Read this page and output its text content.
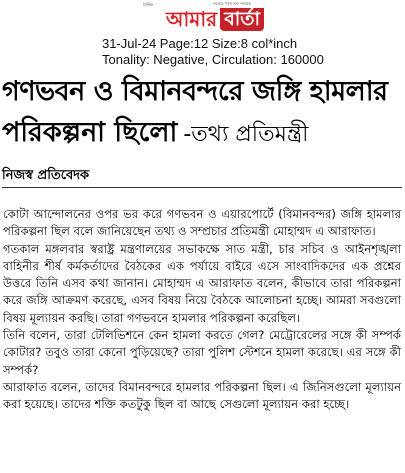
দৈনিক	সত্যের পথে সদা জাগ্রত
আমার বার্তা
31-Jul-24 Page:12 Size:8 col*inch
Tonality: Negative, Circulation: 160000
গণভবন ও বিমানবন্দরে জঙ্গি হামলার
পরিকল্পনা ছিলো -তথ্য প্রতিমন্ত্রী
নিজস্ব প্রতিবেদক

কোটা আন্দোলনের ওপর ভর করে গণভবন ও এয়ারপোর্টে (বিমানবন্দর) জঙ্গি হামলার পরিকল্পনা ছিল বলে জানিয়েছেন তথ্য ও সম্প্রচার প্রতিমন্ত্রী মোহাম্মদ এ আরাফাত।

গতকাল মঙ্গলবার স্বরাষ্ট্র মন্ত্রণালয়ের সভাকক্ষে সাত মন্ত্রী, চার সচিব ও আইনশৃঙ্খলা বাহিনীর শীর্ষ কর্মকর্তাদের বৈঠকের এক পর্যায়ে বাইরে এসে সাংবাদিকদের এক প্রশ্নের উত্তরে তিনি এসব কথা জানান। মোহাম্মদ এ আরাফাত বলেন, কীভাবে তারা পরিকল্পনা করে জঙ্গি আক্রমণ করেছে, এসব বিষয় নিয়ে বৈঠকে আলোচনা হচ্ছে। আমরা সবগুলো বিষয় মূল্যায়ন করছি। তারা গণভবনে হামলার পরিকল্পনা করেছিল।

তিনি বলেন, তারা টেলিভিশনে কেন হামলা করতে গেল? মেট্রোরেলের সঙ্গে কী সম্পর্ক কোটার? তবুও তারা কেনো পুড়িয়েছে? তারা পুলিশ স্টেশনে হামলা করেছে। এর সঙ্গে কী সম্পর্ক?

আরাফাত বলেন, তাদের বিমানবন্দরে হামলার পরিকল্পনা ছিল। এ জিনিসগুলো মূল্যায়ন করা হয়েছে। তাদের শক্তি কতটুকু ছিল বা আছে সেগুলো মূল্যায়ন করা হচ্ছে।
